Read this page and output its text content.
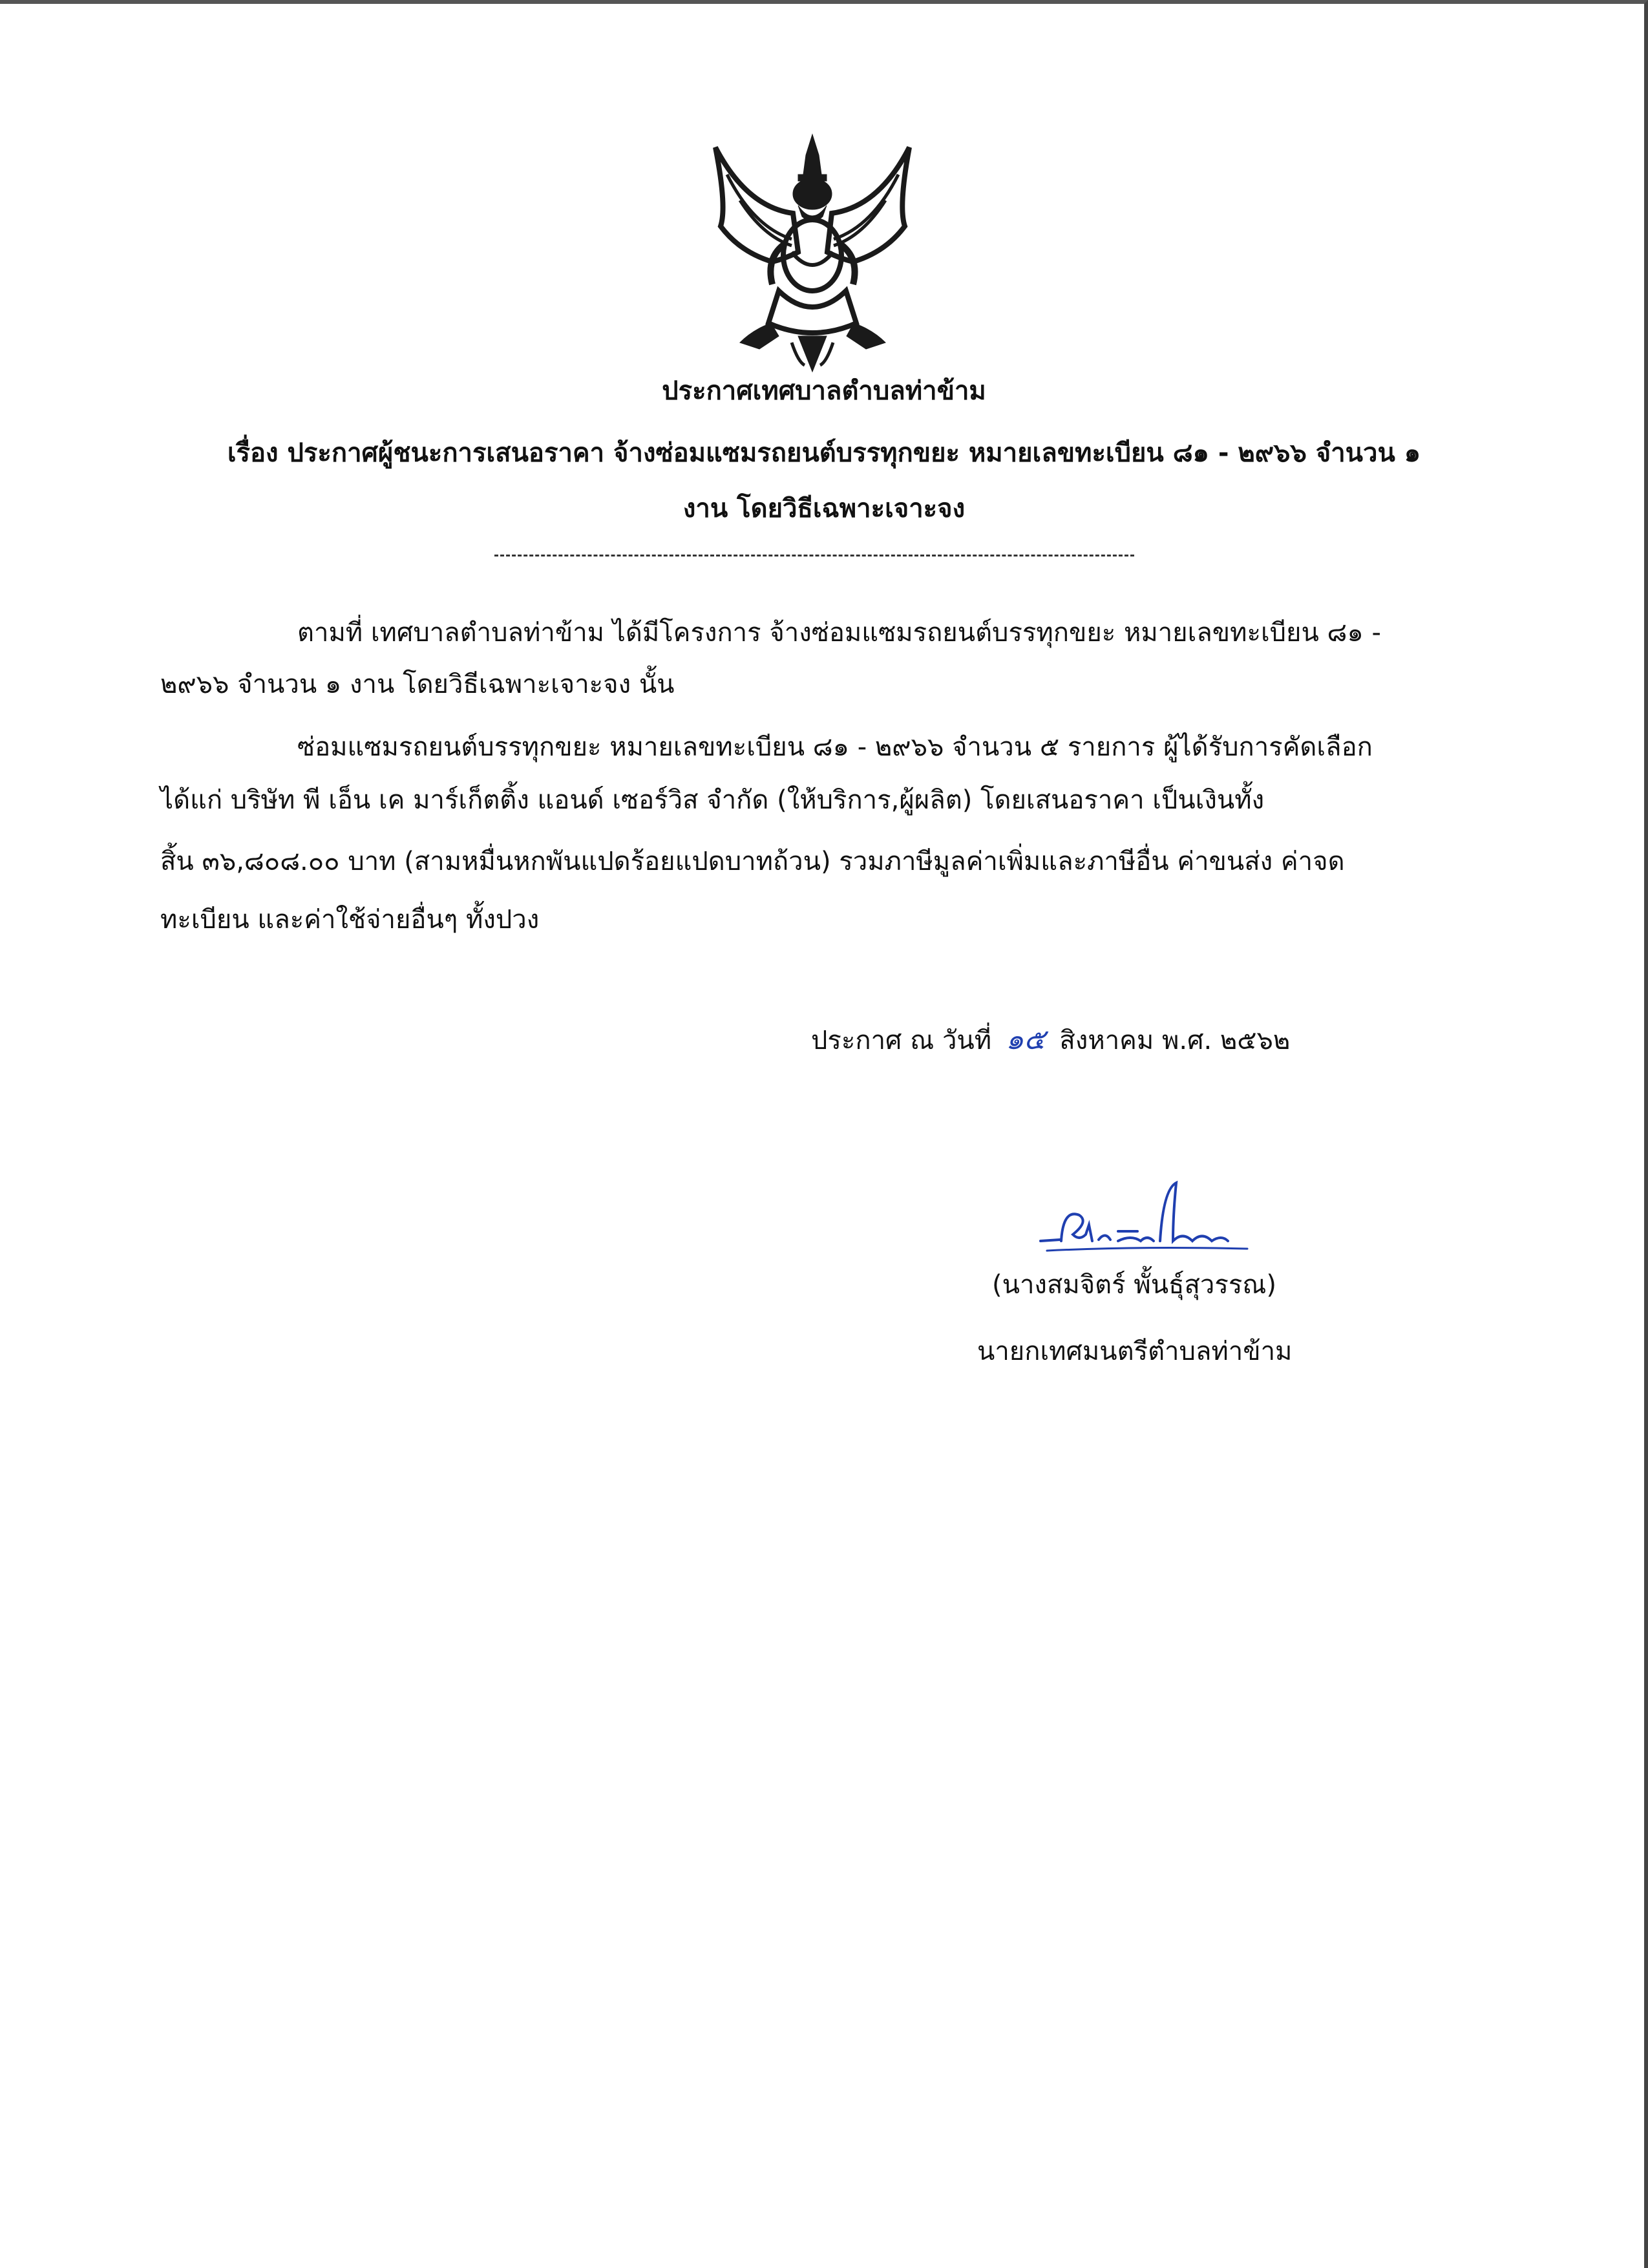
ประกาศเทศบาลตำบลท่าข้าม
เรื่อง ประกาศผู้ชนะการเสนอราคา จ้างซ่อมแซมรถยนต์บรรทุกขยะ หมายเลขทะเบียน ๘๑ - ๒๙๖๖ จำนวน ๑
งาน โดยวิธีเฉพาะเจาะจง
ตามที่ เทศบาลตำบลท่าข้าม ได้มีโครงการ จ้างซ่อมแซมรถยนต์บรรทุกขยะ หมายเลขทะเบียน ๘๑ -
๒๙๖๖ จำนวน ๑ งาน โดยวิธีเฉพาะเจาะจง นั้น
ซ่อมแซมรถยนต์บรรทุกขยะ หมายเลขทะเบียน ๘๑ - ๒๙๖๖ จำนวน ๕ รายการ ผู้ได้รับการคัดเลือก
ได้แก่ บริษัท พี เอ็น เค มาร์เก็ตติ้ง แอนด์ เซอร์วิส จำกัด (ให้บริการ,ผู้ผลิต) โดยเสนอราคา เป็นเงินทั้ง
สิ้น ๓๖,๘๐๘.๐๐ บาท (สามหมื่นหกพันแปดร้อยแปดบาทถ้วน) รวมภาษีมูลค่าเพิ่มและภาษีอื่น ค่าขนส่ง ค่าจด
ทะเบียน และค่าใช้จ่ายอื่นๆ ทั้งปวง
ประกาศ ณ วันที่ ๑๕ สิงหาคม พ.ศ. ๒๕๖๒
(นางสมจิตร์ พั้นธุ์สุวรรณ)
นายกเทศมนตรีตำบลท่าข้าม
